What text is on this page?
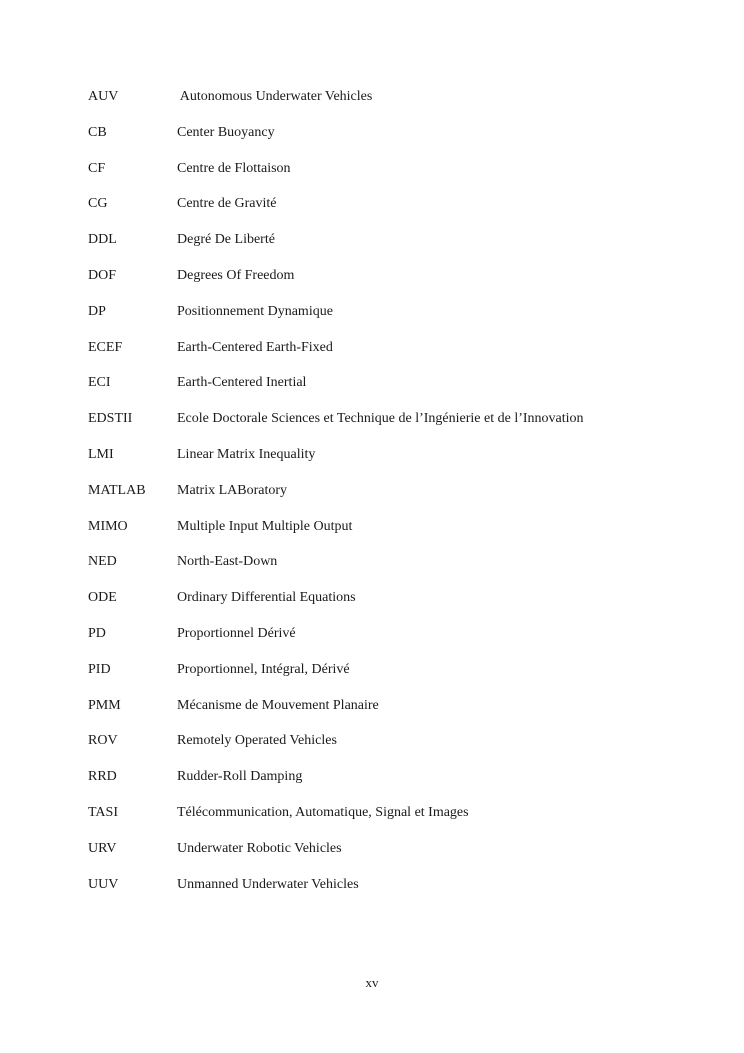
AUV	Autonomous Underwater Vehicles
CB	Center Buoyancy
CF	Centre de Flottaison
CG	Centre de Gravité
DDL	Degré De Liberté
DOF	Degrees Of Freedom
DP	Positionnement Dynamique
ECEF	Earth-Centered Earth-Fixed
ECI	Earth-Centered Inertial
EDSTII	Ecole Doctorale Sciences et Technique de l’Ingénierie et de l’Innovation
LMI	Linear Matrix Inequality
MATLAB	Matrix LABoratory
MIMO	Multiple Input Multiple Output
NED	North-East-Down
ODE	Ordinary Differential Equations
PD	Proportionnel Dérivé
PID	Proportionnel, Intégral, Dérivé
PMM	Mécanisme de Mouvement Planaire
ROV	Remotely Operated Vehicles
RRD	Rudder-Roll Damping
TASI	Télécommunication, Automatique, Signal et Images
URV	Underwater Robotic Vehicles
UUV	Unmanned Underwater Vehicles
xv
